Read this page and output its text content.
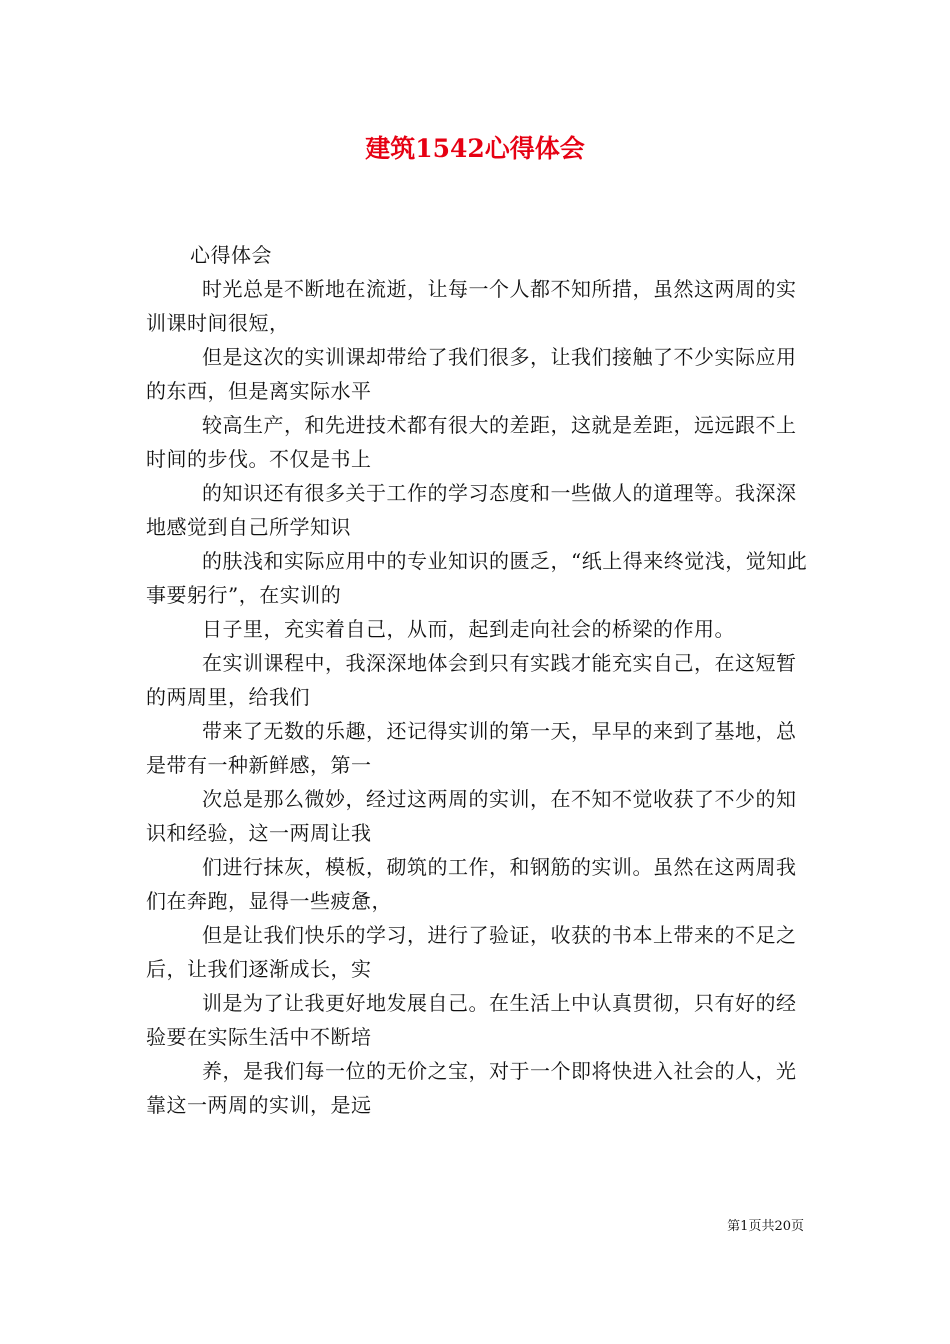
建筑1542心得体会

心得体会

时光总是不断地在流逝，让每一个人都不知所措，虽然这两周的实训课时间很短，

但是这次的实训课却带给了我们很多，让我们接触了不少实际应用的东西，但是离实际水平

较高生产，和先进技术都有很大的差距，这就是差距，远远跟不上时间的步伐。不仅是书上

的知识还有很多关于工作的学习态度和一些做人的道理等。我深深地感觉到自己所学知识

的肤浅和实际应用中的专业知识的匮乏，“纸上得来终觉浅，觉知此事要躬行”，在实训的

日子里，充实着自己，从而，起到走向社会的桥梁的作用。

在实训课程中，我深深地体会到只有实践才能充实自己，在这短暂的两周里，给我们

带来了无数的乐趣，还记得实训的第一天，早早的来到了基地，总是带有一种新鲜感，第一

次总是那么微妙，经过这两周的实训，在不知不觉收获了不少的知识和经验，这一两周让我

们进行抹灰，模板，砌筑的工作，和钢筋的实训。虽然在这两周我们在奔跑，显得一些疲惫，

但是让我们快乐的学习，进行了验证，收获的书本上带来的不足之后，让我们逐渐成长，实

训是为了让我更好地发展自己。在生活上中认真贯彻，只有好的经验要在实际生活中不断培

养，是我们每一位的无价之宝，对于一个即将快进入社会的人，光靠这一两周的实训，是远

第1页共20页
